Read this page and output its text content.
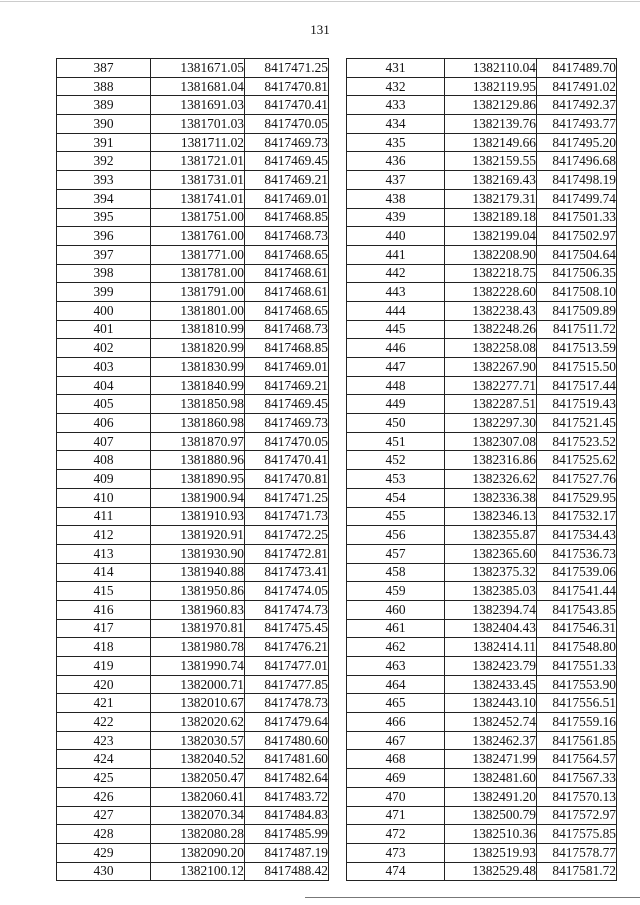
131
387	1381671.05	8417471.25
388	1381681.04	8417470.81
389	1381691.03	8417470.41
390	1381701.03	8417470.05
391	1381711.02	8417469.73
392	1381721.01	8417469.45
393	1381731.01	8417469.21
394	1381741.01	8417469.01
395	1381751.00	8417468.85
396	1381761.00	8417468.73
397	1381771.00	8417468.65
398	1381781.00	8417468.61
399	1381791.00	8417468.61
400	1381801.00	8417468.65
401	1381810.99	8417468.73
402	1381820.99	8417468.85
403	1381830.99	8417469.01
404	1381840.99	8417469.21
405	1381850.98	8417469.45
406	1381860.98	8417469.73
407	1381870.97	8417470.05
408	1381880.96	8417470.41
409	1381890.95	8417470.81
410	1381900.94	8417471.25
411	1381910.93	8417471.73
412	1381920.91	8417472.25
413	1381930.90	8417472.81
414	1381940.88	8417473.41
415	1381950.86	8417474.05
416	1381960.83	8417474.73
417	1381970.81	8417475.45
418	1381980.78	8417476.21
419	1381990.74	8417477.01
420	1382000.71	8417477.85
421	1382010.67	8417478.73
422	1382020.62	8417479.64
423	1382030.57	8417480.60
424	1382040.52	8417481.60
425	1382050.47	8417482.64
426	1382060.41	8417483.72
427	1382070.34	8417484.83
428	1382080.28	8417485.99
429	1382090.20	8417487.19
430	1382100.12	8417488.42
431	1382110.04	8417489.70
432	1382119.95	8417491.02
433	1382129.86	8417492.37
434	1382139.76	8417493.77
435	1382149.66	8417495.20
436	1382159.55	8417496.68
437	1382169.43	8417498.19
438	1382179.31	8417499.74
439	1382189.18	8417501.33
440	1382199.04	8417502.97
441	1382208.90	8417504.64
442	1382218.75	8417506.35
443	1382228.60	8417508.10
444	1382238.43	8417509.89
445	1382248.26	8417511.72
446	1382258.08	8417513.59
447	1382267.90	8417515.50
448	1382277.71	8417517.44
449	1382287.51	8417519.43
450	1382297.30	8417521.45
451	1382307.08	8417523.52
452	1382316.86	8417525.62
453	1382326.62	8417527.76
454	1382336.38	8417529.95
455	1382346.13	8417532.17
456	1382355.87	8417534.43
457	1382365.60	8417536.73
458	1382375.32	8417539.06
459	1382385.03	8417541.44
460	1382394.74	8417543.85
461	1382404.43	8417546.31
462	1382414.11	8417548.80
463	1382423.79	8417551.33
464	1382433.45	8417553.90
465	1382443.10	8417556.51
466	1382452.74	8417559.16
467	1382462.37	8417561.85
468	1382471.99	8417564.57
469	1382481.60	8417567.33
470	1382491.20	8417570.13
471	1382500.79	8417572.97
472	1382510.36	8417575.85
473	1382519.93	8417578.77
474	1382529.48	8417581.72
